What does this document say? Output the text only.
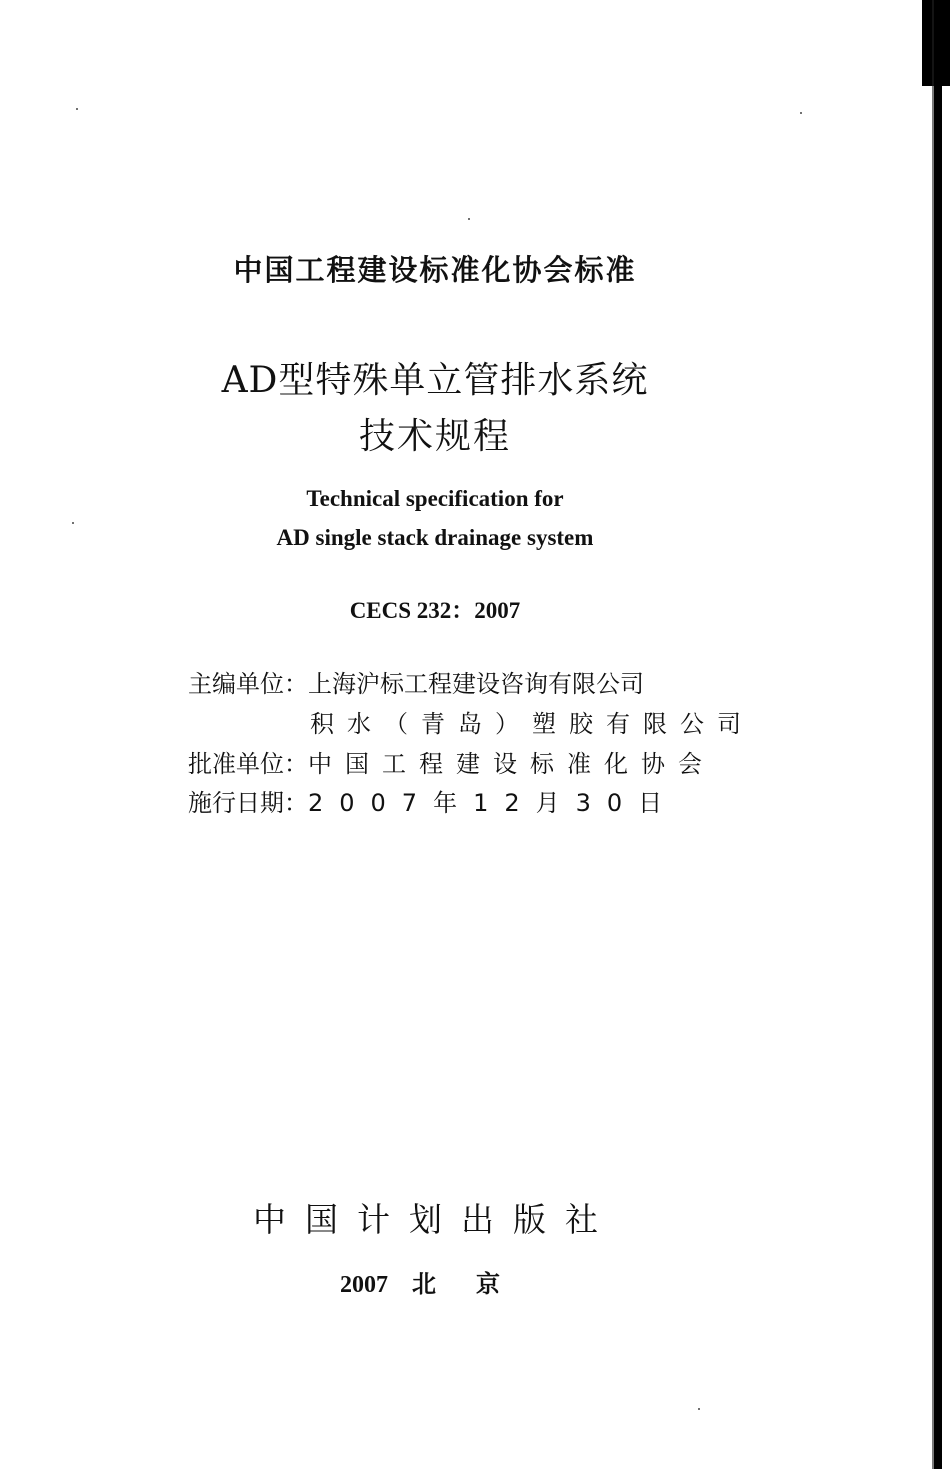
中国工程建设标准化协会标准
AD型特殊单立管排水系统
技术规程
Technical specification for
AD single stack drainage system
CECS 232：2007
主编单位：上海沪标工程建设咨询有限公司
积水（青岛）塑胶有限公司
批准单位：中国工程建设标准化协会
施行日期：2007年12月30日
中国计划出版社
2007 北京
